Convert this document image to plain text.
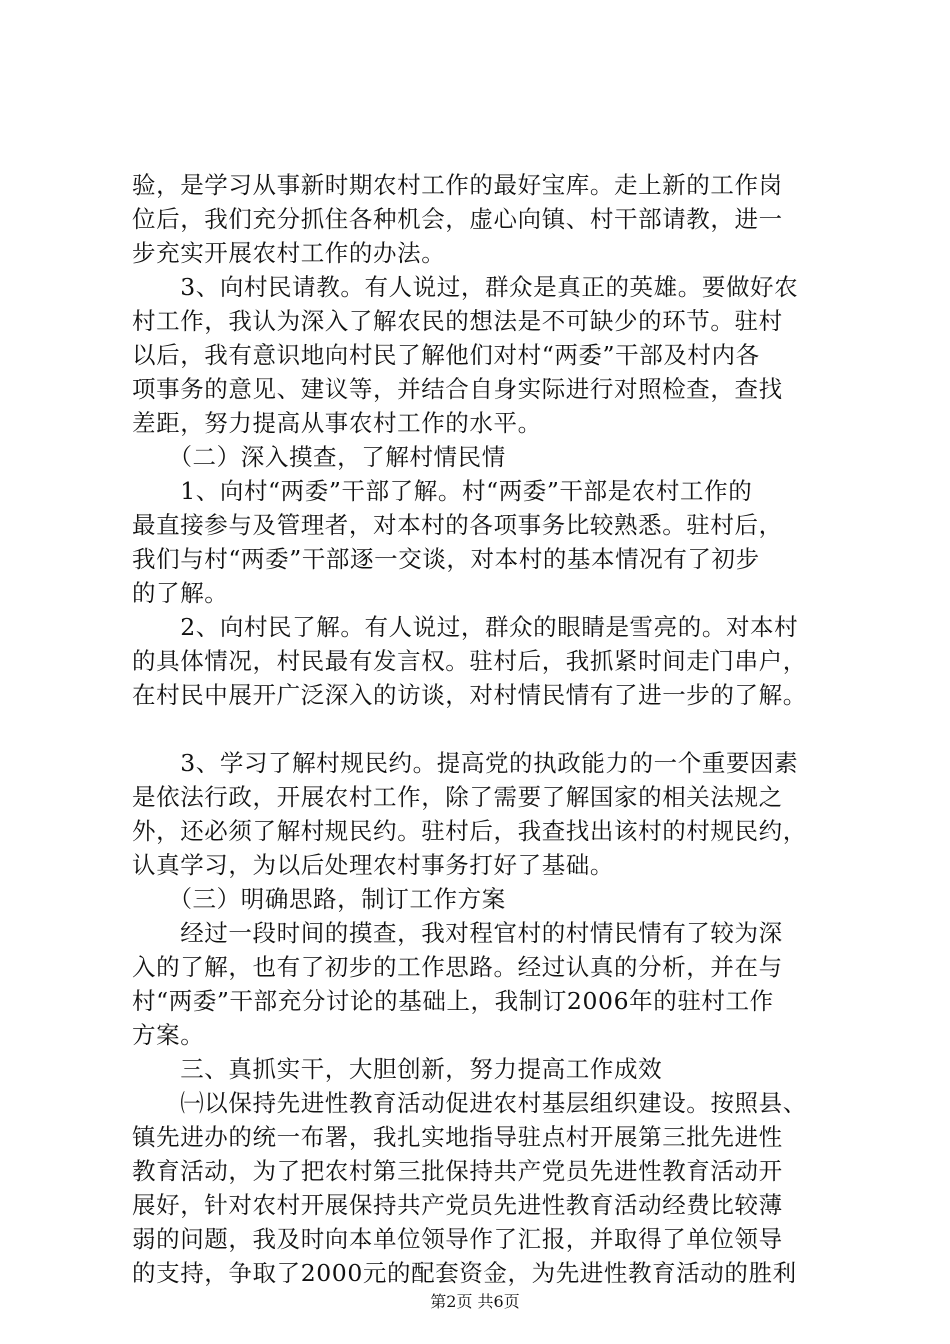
验，是学习从事新时期农村工作的最好宝库。走上新的工作岗
位后，我们充分抓住各种机会，虚心向镇、村干部请教，进一
步充实开展农村工作的办法。
　　3、向村民请教。有人说过，群众是真正的英雄。要做好农
村工作，我认为深入了解农民的想法是不可缺少的环节。驻村
以后，我有意识地向村民了解他们对村“两委”干部及村内各
项事务的意见、建议等，并结合自身实际进行对照检查，查找
差距，努力提高从事农村工作的水平。
　　（二）深入摸查，了解村情民情
　　1、向村“两委”干部了解。村“两委”干部是农村工作的
最直接参与及管理者，对本村的各项事务比较熟悉。驻村后，
我们与村“两委”干部逐一交谈，对本村的基本情况有了初步
的了解。
　　2、向村民了解。有人说过，群众的眼睛是雪亮的。对本村
的具体情况，村民最有发言权。驻村后，我抓紧时间走门串户，
在村民中展开广泛深入的访谈，对村情民情有了进一步的了解。
　　3、学习了解村规民约。提高党的执政能力的一个重要因素
是依法行政，开展农村工作，除了需要了解国家的相关法规之
外，还必须了解村规民约。驻村后，我查找出该村的村规民约，
认真学习，为以后处理农村事务打好了基础。
　　（三）明确思路，制订工作方案
　　经过一段时间的摸查，我对程官村的村情民情有了较为深
入的了解，也有了初步的工作思路。经过认真的分析，并在与
村“两委”干部充分讨论的基础上，我制订2006年的驻村工作
方案。
　　三、真抓实干，大胆创新，努力提高工作成效
　　㈠以保持先进性教育活动促进农村基层组织建设。按照县、
镇先进办的统一布署，我扎实地指导驻点村开展第三批先进性
教育活动，为了把农村第三批保持共产党员先进性教育活动开
展好，针对农村开展保持共产党员先进性教育活动经费比较薄
弱的问题，我及时向本单位领导作了汇报，并取得了单位领导
的支持，争取了2000元的配套资金，为先进性教育活动的胜利
第2页 共6页
